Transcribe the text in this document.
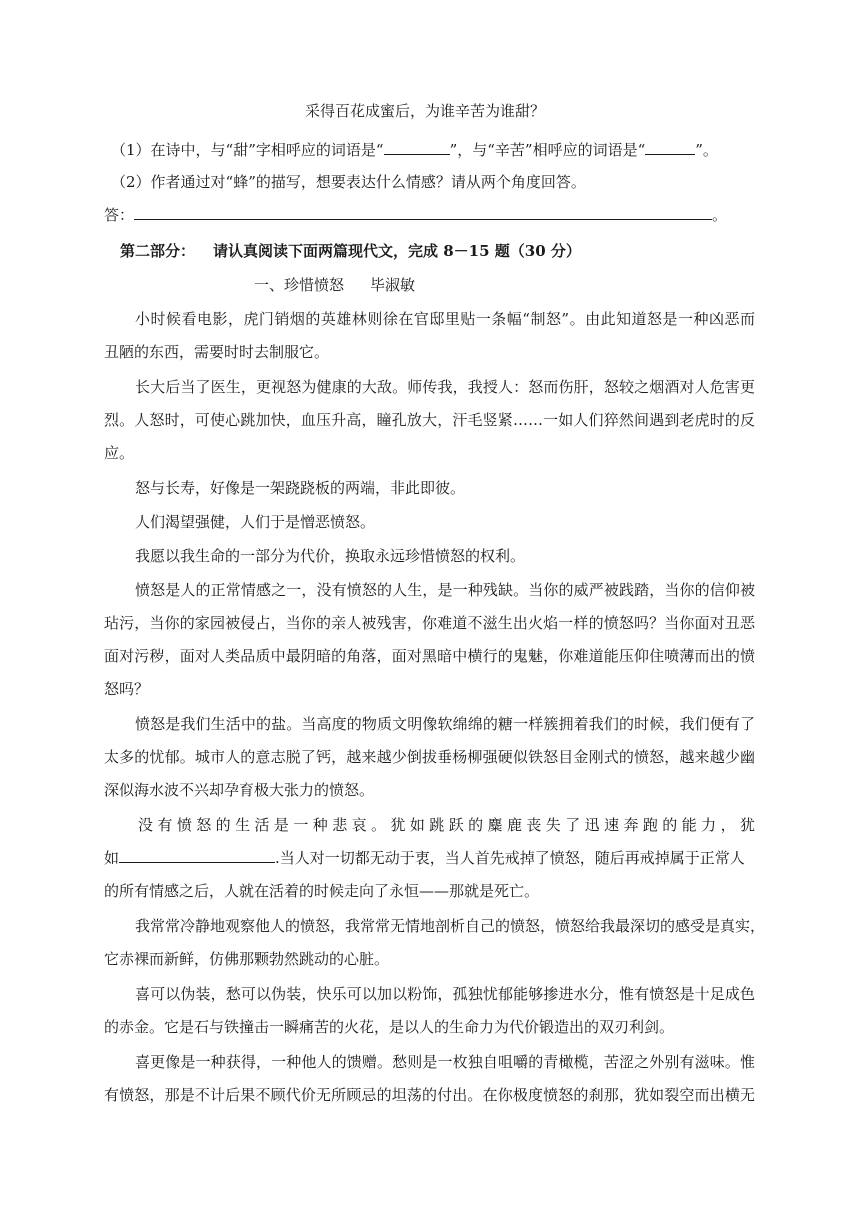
采得百花成蜜后，为谁辛苦为谁甜？
（1）在诗中，与“甜”字相呼应的词语是“	”，与“辛苦”相呼应的词语是“	”。
（2）作者通过对“蜂”的描写，想要表达什么情感？请从两个角度回答。
答：	。
第二部分： 请认真阅读下面两篇现代文，完成 8－15 题（30 分）
一、珍惜愤怒 毕淑敏
小时候看电影，虎门销烟的英雄林则徐在官邸里贴一条幅“制怒”。由此知道怒是一种凶恶而
丑陋的东西，需要时时去制服它。
长大后当了医生，更视怒为健康的大敌。师传我，我授人：怒而伤肝，怒较之烟酒对人危害更
烈。人怒时，可使心跳加快，血压升高，瞳孔放大，汗毛竖紧……一如人们猝然间遇到老虎时的反
应。
怒与长寿，好像是一架跷跷板的两端，非此即彼。
人们渴望强健，人们于是憎恶愤怒。
我愿以我生命的一部分为代价，换取永远珍惜愤怒的权利。
愤怒是人的正常情感之一，没有愤怒的人生，是一种残缺。当你的威严被践踏，当你的信仰被
玷污，当你的家园被侵占，当你的亲人被残害，你难道不滋生出火焰一样的愤怒吗？当你面对丑恶
面对污秽，面对人类品质中最阴暗的角落，面对黑暗中横行的鬼魅，你难道能压仰住喷薄而出的愤
怒吗？
愤怒是我们生活中的盐。当高度的物质文明像软绵绵的糖一样簇拥着我们的时候，我们便有了
太多的忧郁。城市人的意志脱了钙，越来越少倒拔垂杨柳强硬似铁怒目金刚式的愤怒，越来越少幽
深似海水波不兴却孕育极大张力的愤怒。
没有愤怒的生活是一种悲哀。犹如跳跃的麋鹿丧失了迅速奔跑的能力，犹
如	.当人对一切都无动于衷，当人首先戒掉了愤怒，随后再戒掉属于正常人
的所有情感之后，人就在活着的时候走向了永恒——那就是死亡。
我常常冷静地观察他人的愤怒，我常常无情地剖析自己的愤怒，愤怒给我最深切的感受是真实，
它赤裸而新鲜，仿佛那颗勃然跳动的心脏。
喜可以伪装，愁可以伪装，快乐可以加以粉饰，孤独忧郁能够掺进水分，惟有愤怒是十足成色
的赤金。它是石与铁撞击一瞬痛苦的火花，是以人的生命力为代价锻造出的双刃利剑。
喜更像是一种获得，一种他人的馈赠。愁则是一枚独自咀嚼的青橄榄，苦涩之外别有滋味。惟
有愤怒，那是不计后果不顾代价无所顾忌的坦荡的付出。在你极度愤怒的刹那，犹如裂空而出横无
